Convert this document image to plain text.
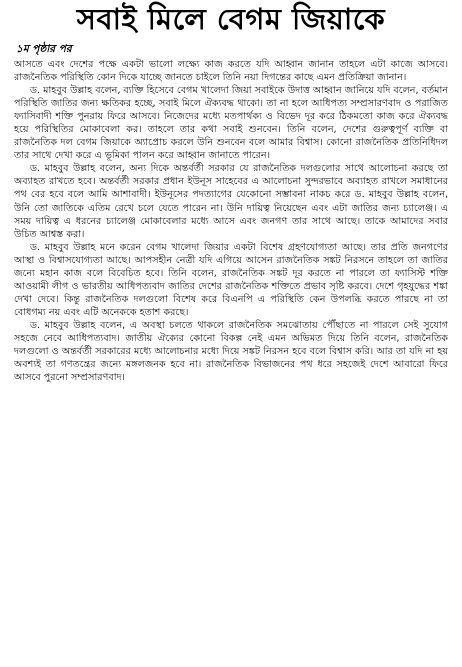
সবাই মিলে বেগম জিয়াকে
১ম পৃষ্ঠার পর

আসতে এবং দেশের পক্ষে একটা ভালো লক্ষ্যে কাজ করতে যদি আহ্বান জানান তাহলে এটা কাজে আসবে। রাজনৈতিক পরিস্থিতি কোন দিকে যাচ্ছে জানতে চাইলে তিনি নয়া দিগন্তের কাছে এমন প্রতিক্রিয়া জানান।

ড. মাহবুব উল্লাহ বলেন, ব্যক্তি হিসেবে বেগম খালেদা জিয়া সবাইকে উদাত্ত আহ্বান জানিয়ে যদি বলেন, বর্তমান পরিস্থিতি জাতির জন্য ক্ষতিকর হচ্ছে, সবাই মিলে ঐক্যবদ্ধ থাকো। তা না হলে আধিপত্য সম্প্রসারণবাদ ও পরাজিত ফ্যাসিবাদী শক্তি পুনরায় ফিরে আসবে। নিজেদের মধ্যে মতপার্থক্য ও বিভেদ দূর করে ঠিকমতো কাজ করে ঐক্যবদ্ধ হয়ে পরিস্থিতির মোকাবেলা কর। তাহলে তার কথা সবাই শুনবেন। তিনি বলেন, দেশের গুরুত্বপূর্ণ ব্যক্তি বা রাজনৈতিক দল বেগম জিয়াকে অ্যাপ্রোচ করলে উনি শুনবেন বলে আমার বিশ্বাস। কোনো রাজনৈতিক প্রতিনিধিদল তার সাথে দেখা করে এ ভূমিকা পালন করে আহ্বান জানাতে পারেন।

ড. মাহবুব উল্লাহ বলেন, অন্য দিকে অন্তর্বর্তী সরকার যে রাজনৈতিক দলগুলোর সাথে আলোচনা করছে তা অব্যাহত রাখতে হবে। অন্তর্বর্তী সরকার প্রধান ইউনূস সাহেবের এ আলোচনা সুন্দরভাবে অব্যাহত রাখলে সমাধানের পথ বের হবে বলে আমি আশাবাদী। ইউনূসের পদত্যাগের যেকোনো সম্ভাবনা নাকচ করে ড. মাহবুব উল্লাহ বলেন, উনি তো জাতিকে এতিম রেখে চলে যেতে পারেন না। উনি দায়িত্ব নিয়েছেন এবং এটা জাতির জন্য চ্যালেঞ্জ। এ সময় দায়িত্ব এ ধরনের চ্যালেঞ্জ মোকাবেলার মধ্যে আসে এবং জনগণ তার সাথে আছে। তাকে আমাদের সবার উচিত আশ্বস্ত করা।

ড. মাহবুব উল্লাহ মনে করেন বেগম খালেদা জিয়ার একটা বিশেষ গ্রহণযোগ্যতা আছে। তার প্রতি জনগণের আস্থা ও বিশ্বাসযোগ্যতা আছে। আপসহীন নেত্রী যদি এগিয়ে আসেন রাজনৈতিক সঙ্কট নিরসনে তাহলে তা জাতির জন্যে মহান কাজ বলে বিবেচিত হবে। তিনি বলেন, রাজনৈতিক সঙ্কট দূর করতে না পারলে তা ফ্যাসিস্ট শক্তি আওয়ামী লীগ ও ভারতীয় আধিপত্যবাদ জাতির দেশের রাজনৈতিক শক্তিতে প্রভাব সৃষ্টি করবে। দেশে গৃহযুদ্ধের শঙ্কা দেখা দেবে। কিন্তু রাজনৈতিক দলগুলো বিশেষ করে বিএনপি এ পরিস্থিতি কেন উপলব্ধি করতে পারছে না তা বোধগম্য নয় এবং এটি অনেককে হতাশ করছে।

ড. মাহবুব উল্লাহ বলেন, এ অবস্থা চলতে থাকলে রাজনৈতিক সমঝোতায় পৌঁছাতে না পারলে সেই সুযোগ সহজে নেবে আধিপত্যবাদ। জাতীয় ঐক্যের কোনো বিকল্প নেই এমন অভিমত দিয়ে তিনি বলেন, রাজনৈতিক দলগুলো ও অন্তর্বর্তী সরকারের মধ্যে আলোচনার মধ্যে দিয়ে সঙ্কট নিরসন হবে বলে বিশ্বাস করি। আর তা যদি না হয় অবশ্যই তা গণতন্ত্রের জন্যে মঙ্গলজনক হবে না। রাজনৈতিক বিভাজনের পথ ধরে সহজেই দেশে আবারো ফিরে আসবে পুরনো সম্প্রসারণবাদ।
